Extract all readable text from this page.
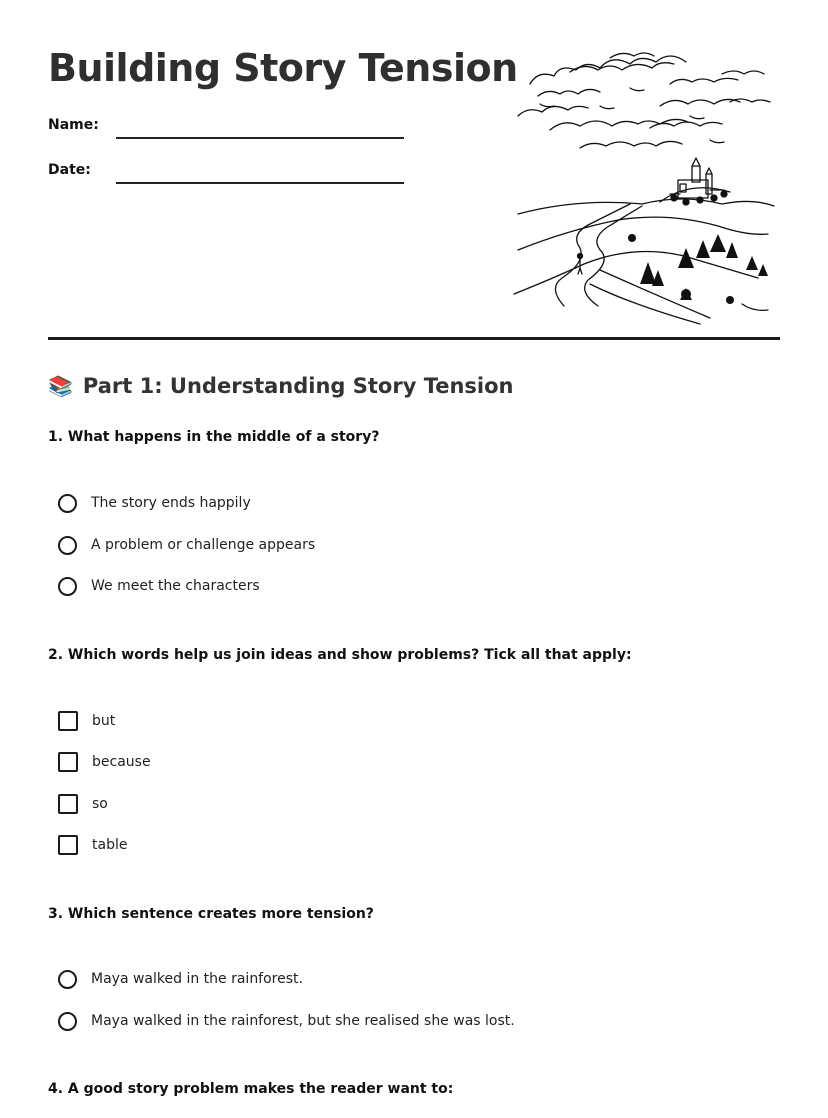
Building Story Tension
Name:
Date:
📚 Part 1: Understanding Story Tension
1. What happens in the middle of a story?
The story ends happily
A problem or challenge appears
We meet the characters
2. Which words help us join ideas and show problems? Tick all that apply:
but
because
so
table
3. Which sentence creates more tension?
Maya walked in the rainforest.
Maya walked in the rainforest, but she realised she was lost.
4. A good story problem makes the reader want to:
